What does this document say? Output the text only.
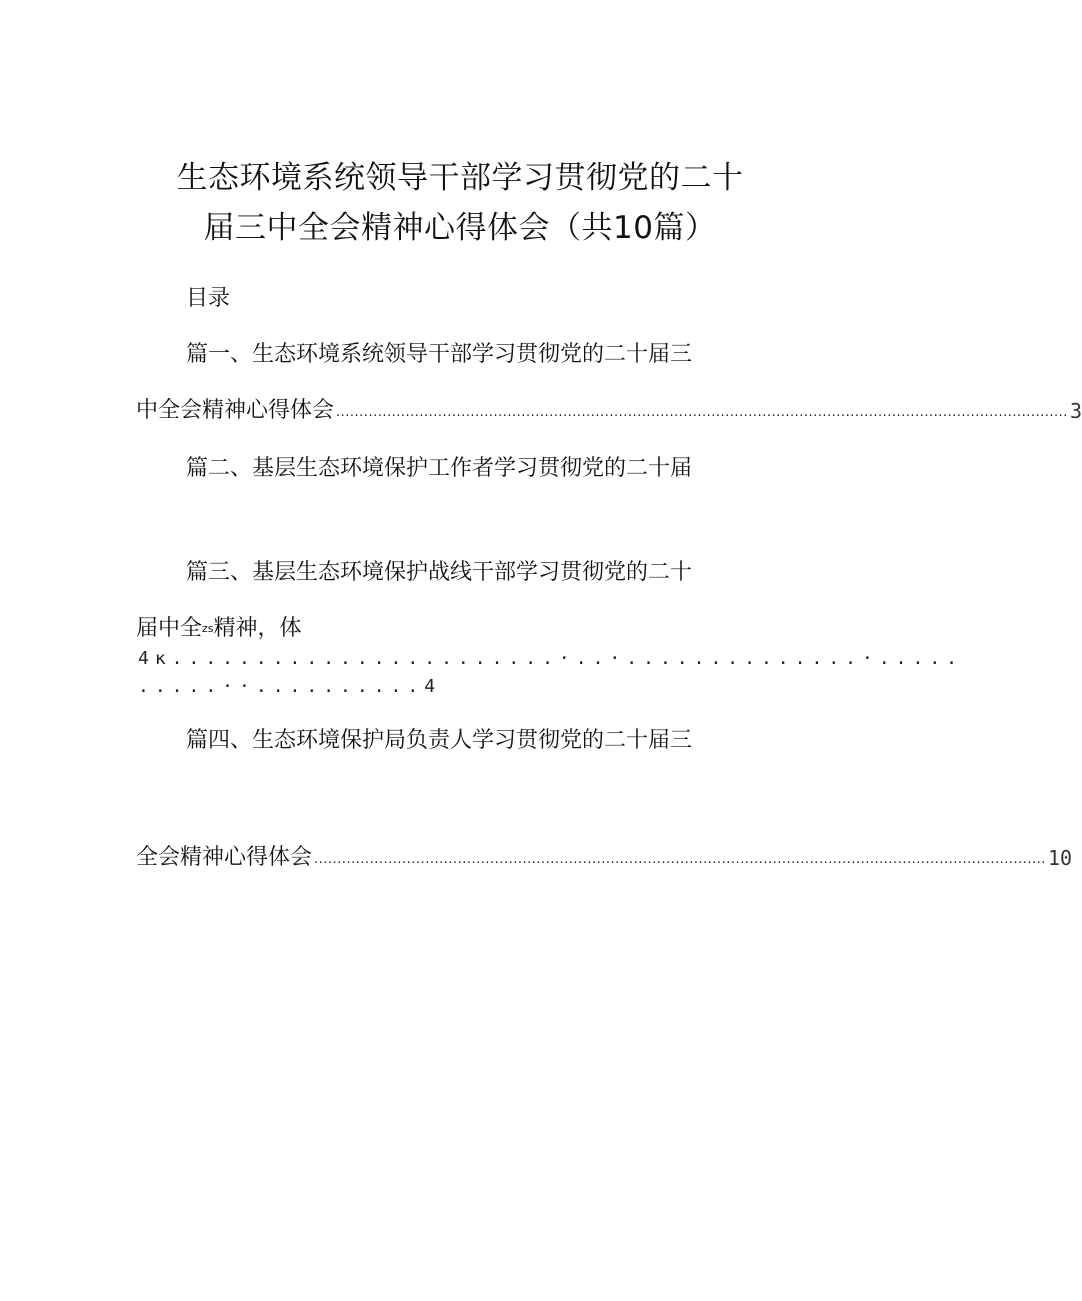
生态环境系统领导干部学习贯彻党的二十
届三中全会精神心得体会（共10篇）
目录
篇一、生态环境系统领导干部学习贯彻党的二十届三
中全会精神心得体会 .............................................................................................................................................................. 3
篇二、基层生态环境保护工作者学习贯彻党的二十届
篇三、基层生态环境保护战线干部学习贯彻党的二十
届中全zs精神，体
4κ.......................·..·..............·.....
.....··..........4
篇四、生态环境保护局负责人学习贯彻党的二十届三
全会精神心得体会 .............................................................................................................................................................. 10
